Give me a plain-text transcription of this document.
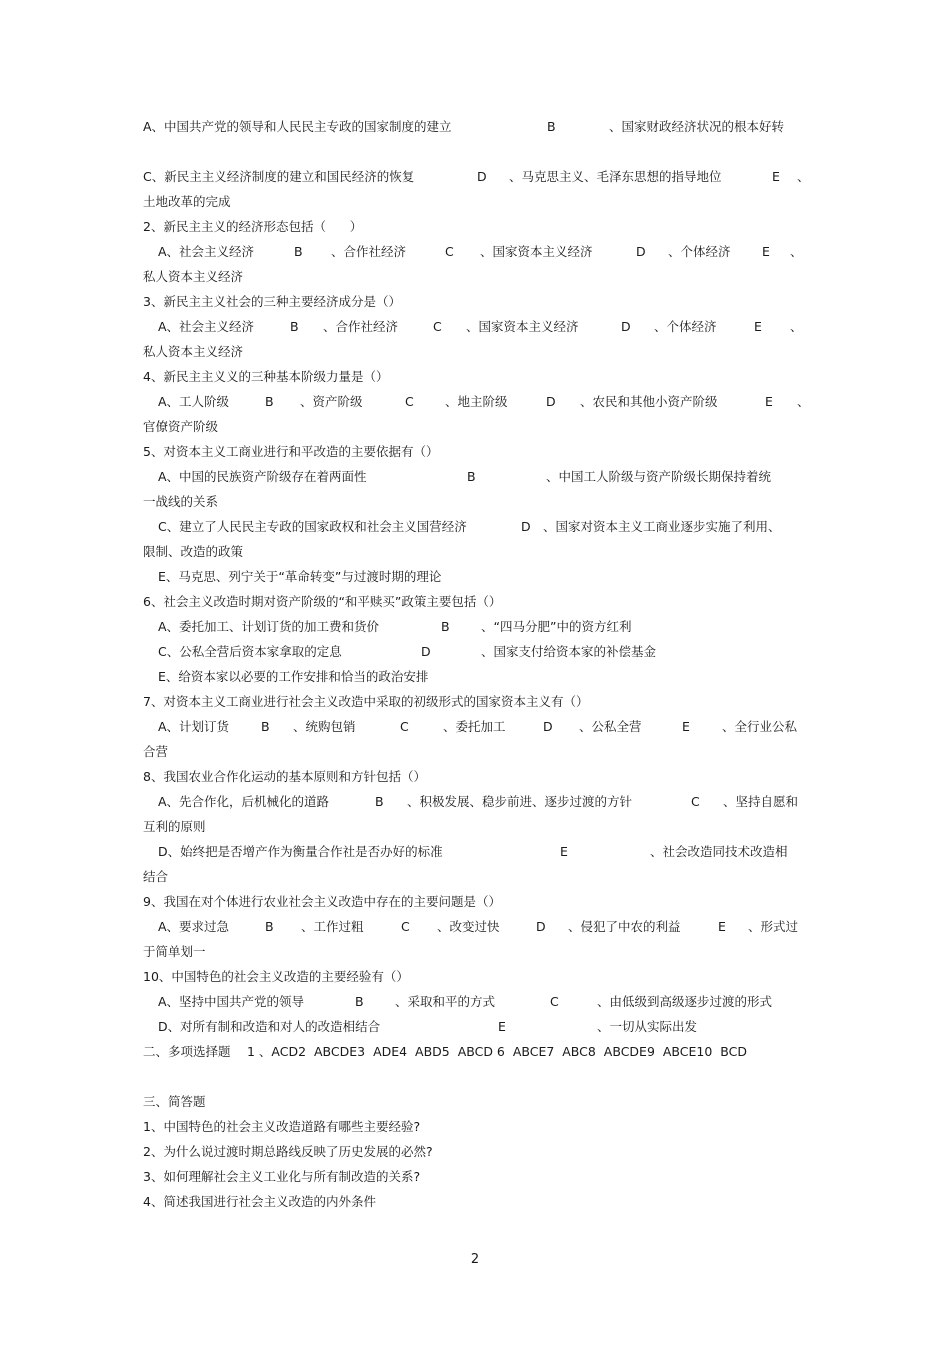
A、中国共产党的领导和人民民主专政的国家制度的建立	B	、国家财政经济状况的根本好转
C、新民主主义经济制度的建立和国民经济的恢复	D 、马克思主义、毛泽东思想的指导地位	E 、
土地改革的完成
2、新民主主义的经济形态包括（      ）
A、社会主义经济	B 、合作社经济	C 、国家资本主义经济	D 、个体经济	E 、
私人资本主义经济
3、新民主主义社会的三种主要经济成分是（）
A、社会主义经济	B 、合作社经济	C 、国家资本主义经济	D 、个体经济	E 、
私人资本主义经济
4、新民主主义义的三种基本阶级力量是（）
A、工人阶级	B 、资产阶级	C	、地主阶级	D 、农民和其他小资产阶级	E 、
官僚资产阶级
5、对资本主义工商业进行和平改造的主要依据有（）
A、中国的民族资产阶级存在着两面性	B	、中国工人阶级与资产阶级长期保持着统
一战线的关系
C、建立了人民民主专政的国家政权和社会主义国营经济	D 、国家对资本主义工商业逐步实施了利用、
限制、改造的政策
E、马克思、列宁关于“革命转变”与过渡时期的理论
6、社会主义改造时期对资产阶级的“和平赎买”政策主要包括（）
A、委托加工、计划订货的加工费和货价	B	、“四马分肥”中的资方红利
C、公私全营后资本家拿取的定息	D	、国家支付给资本家的补偿基金
E、给资本家以必要的工作安排和恰当的政治安排
7、对资本主义工商业进行社会主义改造中采取的初级形式的国家资本主义有（）
A、计划订货	B 、统购包销	C	、委托加工	D 、公私全营	E	、全行业公私
合营
8、我国农业合作化运动的基本原则和方针包括（）
A、先合作化，后机械化的道路	B 、积极发展、稳步前进、逐步过渡的方针	C 、坚持自愿和
互利的原则
D、始终把是否增产作为衡量合作社是否办好的标准	E	、社会改造同技术改造相
结合
9、我国在对个体进行农业社会主义改造中存在的主要问题是（）
A、要求过急	B 、工作过粗	C 、改变过快	D 、侵犯了中农的利益	E 、形式过
于简单划一
10、中国特色的社会主义改造的主要经验有（）
A、坚持中国共产党的领导	B	、采取和平的方式	C	、由低级到高级逐步过渡的形式
D、对所有制和改造和对人的改造相结合	E	、一切从实际出发
二、多项选择题 1 、ACD2  ABCDE3  ADE4  ABD5  ABCD 6  ABCE7  ABC8  ABCDE9  ABCE10  BCD
三、简答题
1、中国特色的社会主义改造道路有哪些主要经验?
2、为什么说过渡时期总路线反映了历史发展的必然?
3、如何理解社会主义工业化与所有制改造的关系?
4、简述我国进行社会主义改造的内外条件
2
